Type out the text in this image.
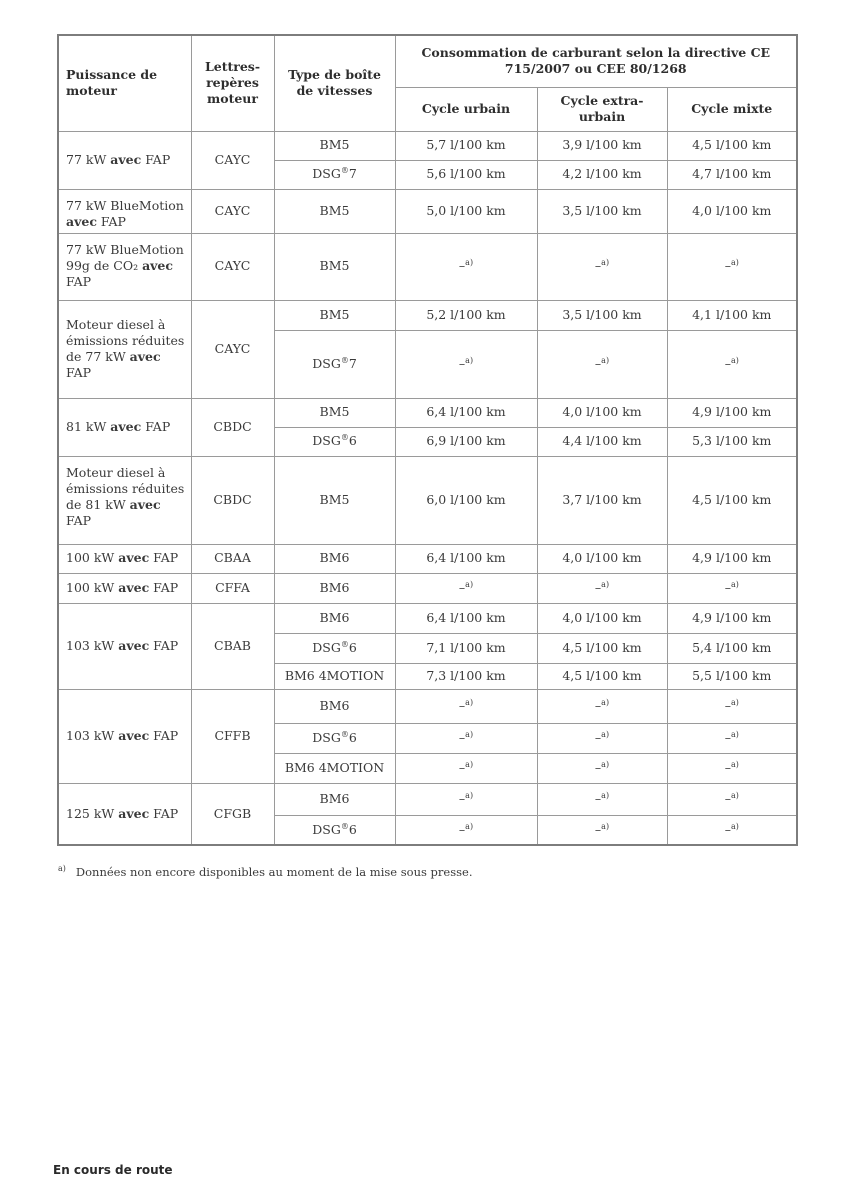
Puissance de moteur	Lettres-repères moteur	Type de boîte de vitesses	Consommation de carburant selon la directive CE 715/2007 ou CEE 80/1268		
			Cycle urbain	Cycle extra-urbain	Cycle mixte
77 kW avec FAP	CAYC	BM5	5,7 l/100 km	3,9 l/100 km	4,5 l/100 km
		DSG®7	5,6 l/100 km	4,2 l/100 km	4,7 l/100 km
77 kW BlueMotion avec FAP	CAYC	BM5	5,0 l/100 km	3,5 l/100 km	4,0 l/100 km
77 kW BlueMotion 99g de CO₂ avec FAP	CAYC	BM5	–$^{a)}$	–$^{a)}$	–$^{a)}$
Moteur diesel à émissions réduites de 77 kW avec FAP	CAYC	BM5	5,2 l/100 km	3,5 l/100 km	4,1 l/100 km
		DSG®7	–$^{a)}$	–$^{a)}$	–$^{a)}$
81 kW avec FAP	CBDC	BM5	6,4 l/100 km	4,0 l/100 km	4,9 l/100 km
		DSG®6	6,9 l/100 km	4,4 l/100 km	5,3 l/100 km
Moteur diesel à émissions réduites de 81 kW avec FAP	CBDC	BM5	6,0 l/100 km	3,7 l/100 km	4,5 l/100 km
100 kW avec FAP	CBAA	BM6	6,4 l/100 km	4,0 l/100 km	4,9 l/100 km
100 kW avec FAP	CFFA	BM6	–$^{a)}$	–$^{a)}$	–$^{a)}$
103 kW avec FAP	CBAB	BM6	6,4 l/100 km	4,0 l/100 km	4,9 l/100 km
		DSG®6	7,1 l/100 km	4,5 l/100 km	5,4 l/100 km
		BM6 4MOTION	7,3 l/100 km	4,5 l/100 km	5,5 l/100 km
103 kW avec FAP	CFFB	BM6	–$^{a)}$	–$^{a)}$	–$^{a)}$
		DSG®6	–$^{a)}$	–$^{a)}$	–$^{a)}$
		BM6 4MOTION	–$^{a)}$	–$^{a)}$	–$^{a)}$
125 kW avec FAP	CFGB	BM6	–$^{a)}$	–$^{a)}$	–$^{a)}$
		DSG®6	–$^{a)}$	–$^{a)}$	–$^{a)}$
$^{a)}$ Données non encore disponibles au moment de la mise sous presse.
En cours de route
